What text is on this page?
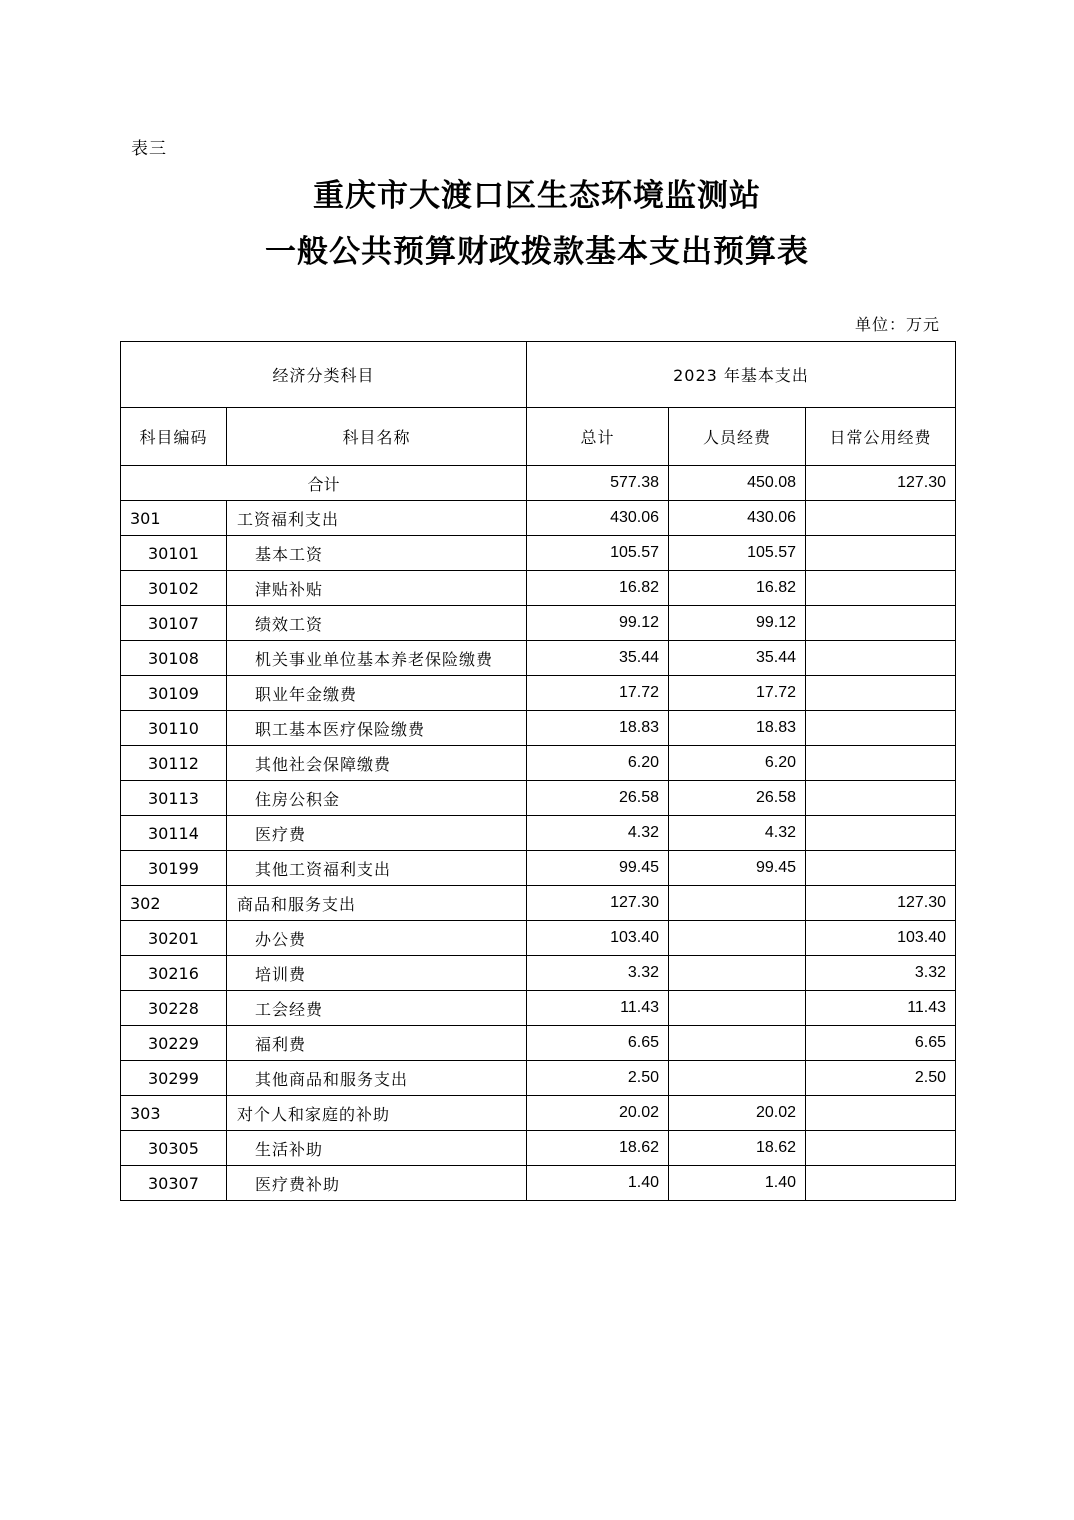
表三
重庆市大渡口区生态环境监测站
一般公共预算财政拨款基本支出预算表
单位：万元
经济分类科目		2023 年基本支出		
科目编码	科目名称	总计	人员经费	日常公用经费
合计		577.38	450.08	127.30
301	工资福利支出	430.06	430.06	
30101	基本工资	105.57	105.57	
30102	津贴补贴	16.82	16.82	
30107	绩效工资	99.12	99.12	
30108	机关事业单位基本养老保险缴费	35.44	35.44	
30109	职业年金缴费	17.72	17.72	
30110	职工基本医疗保险缴费	18.83	18.83	
30112	其他社会保障缴费	6.20	6.20	
30113	住房公积金	26.58	26.58	
30114	医疗费	4.32	4.32	
30199	其他工资福利支出	99.45	99.45	
302	商品和服务支出	127.30		127.30
30201	办公费	103.40		103.40
30216	培训费	3.32		3.32
30228	工会经费	11.43		11.43
30229	福利费	6.65		6.65
30299	其他商品和服务支出	2.50		2.50
303	对个人和家庭的补助	20.02	20.02	
30305	生活补助	18.62	18.62	
30307	医疗费补助	1.40	1.40	
